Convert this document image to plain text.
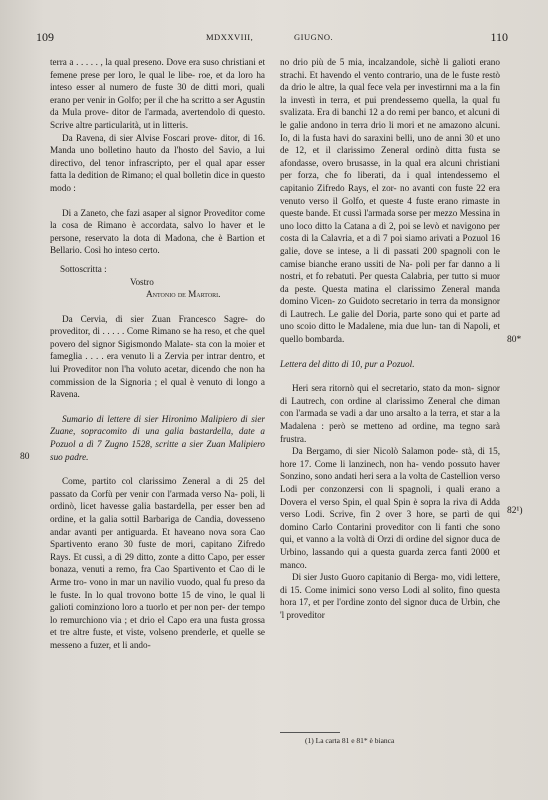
109	MDXXVIII,	GIUGNO.	110

terra a . . . . . , la qual preseno. Dove era suso christiani et femene prese per loro, le qual le libe- roe, et da loro ha inteso esser al numero de fuste 30 de ditti mori, quali erano per venir in Golfo; per il che ha scritto a ser Agustin da Mula prove- ditor de l'armada, avertendolo di questo. Scrive altre particularità, ut in litteris.

Da Ravena, di sier Alvise Foscari prove- ditor, di 16. Manda uno bolletino hauto da l'hosto del Savio, a lui directivo, del tenor infrascripto, per el qual apar esser fatta la dedition de Rimano; el qual bolletin dice in questo modo :

Di a Zaneto, che fazi asaper al signor Proveditor come la cosa de Rimano è accordata, salvo lo haver et le persone, reservato la dota di Madona, che è Bartion et Bellario. Così ho inteso certo.

Sottoscritta :
Vostro
Antonio de Martori.

Da Cervia, di sier Zuan Francesco Sagre- do proveditor, di . . . . . Come Rimano se ha reso, et che quel povero del signor Sigismondo Malate- sta con la moier et fameglia . . . . era venuto li a Zervia per intrar dentro, et lui Proveditor non l'ha voluto acetar, dicendo che non ha commission de la Signoria ; el qual è venuto di longo a Ravena.

Sumario di lettere di sier Hironimo Malipiero di sier Zuane, sopracomito di una galia bastardella, date a Pozuol a dì 7 Zugno 1528, scritte a sier Zuan Malipiero suo padre.

Come, partito col clarissimo Zeneral a di 25 del passato da Corfù per venir con l'armada verso Na- poli, li ordinò, licet havesse galia bastardella, per esser ben ad ordine, et la galia sottil Barbariga de Candia, dovesseno andar avanti per antiguarda. Et haveano nova sora Cao Spartivento erano 30 fuste de mori, capitano Zifredo Rays. Et cussì, a dì 29 ditto, zonte a ditto Capo, per esser bonaza, venuti a remo, fra Cao Spartivento et Cao di le Arme tro- vono in mar un navilio vuodo, qual fu preso da le fuste. In lo qual trovono botte 15 de vino, le qual li galioti cominziono loro a tuorlo et per non per- der tempo lo remurchiono via ; et drio el Capo era una fusta grossa et tre altre fuste, et viste, volseno prenderle, et quelle se messeno a fuzer, et li ando-

no drio più de 5 mia, incalzandole, sichè li galioti erano strachi. Et havendo el vento contrario, una de le fuste restò da drio le altre, la qual fece vela per investirnni ma a la fin la investì in terra, et pui prendessemo quella, la qual fu svalizata. Era di banchi 12 a do remi per banco, et alcuni di le galie andono in terra drio li mori et ne amazono alcuni. Io, di la fusta havi do saraxini belli, uno de anni 30 et uno de 12, et il clarissimo Zeneral ordinò ditta fusta se afondasse, overo brusasse, in la qual era alcuni christiani per forza, che fo liberati, da i qual intendessemo el capitanio Zifredo Rays, el zor- no avanti con fuste 22 era venuto verso il Golfo, et queste 4 fuste erano rimaste in queste bande. Et cussì l'armada sorse per mezzo Messina in uno loco ditto la Catana a dì 2, poi se levò et navigono per costa di la Calavria, et a dì 7 poi siamo arivati a Pozuol 16 galie, dove se intese, a li dì passati 200 spagnoli con le camise bianche erano ussiti de Na- poli per far danno a li nostri, et fo rebatuti. Per questa Calabria, per tutto si muor da peste. Questa matina el clarissimo Zeneral manda domino Vicen- zo Guidoto secretario in terra da monsignor di Lautrech. Le galie del Doria, parte sono qui et parte ad uno scoio ditto le Madalene, mia due lun- tan di Napoli, et quello bombarda.

Lettera del ditto di 10, pur a Pozuol.

Heri sera ritornò qui el secretario, stato da mon- signor di Lautrech, con ordine al clarissimo Zeneral che diman con l'armada se vadi a dar uno arsalto a la terra, et star a la Madalena : però se metteno ad ordine, ma tegno sarà frustra.

Da Bergamo, di sier Nicolò Salamon pode- stà, di 15, hore 17. Come li lanzinech, non ha- vendo possuto haver Sonzino, sono andati heri sera a la volta de Castellion verso Lodi per conzonzersi con li spagnoli, i quali erano a Dovera el verso Spin, el qual Spin è sopra la riva di Adda verso Lodi. Scrive, fin 2 over 3 hore, se partì de qui domino Carlo Contarini proveditor con li fanti che sono qui, et vanno a la voltà di Orzi di ordine del signor duca de Urbino, lassando qui a questa guarda zerca fanti 2000 et manco.

Di sier Justo Guoro capitanio di Berga- mo, vidi lettere, di 15. Come inimici sono verso Lodi al solito, fino questa hora 17, et per l'ordine zonto del signor duca de Urbin, che 'l proveditor

80
80*
82¹)
(1) La carta 81 e 81* è bianca
